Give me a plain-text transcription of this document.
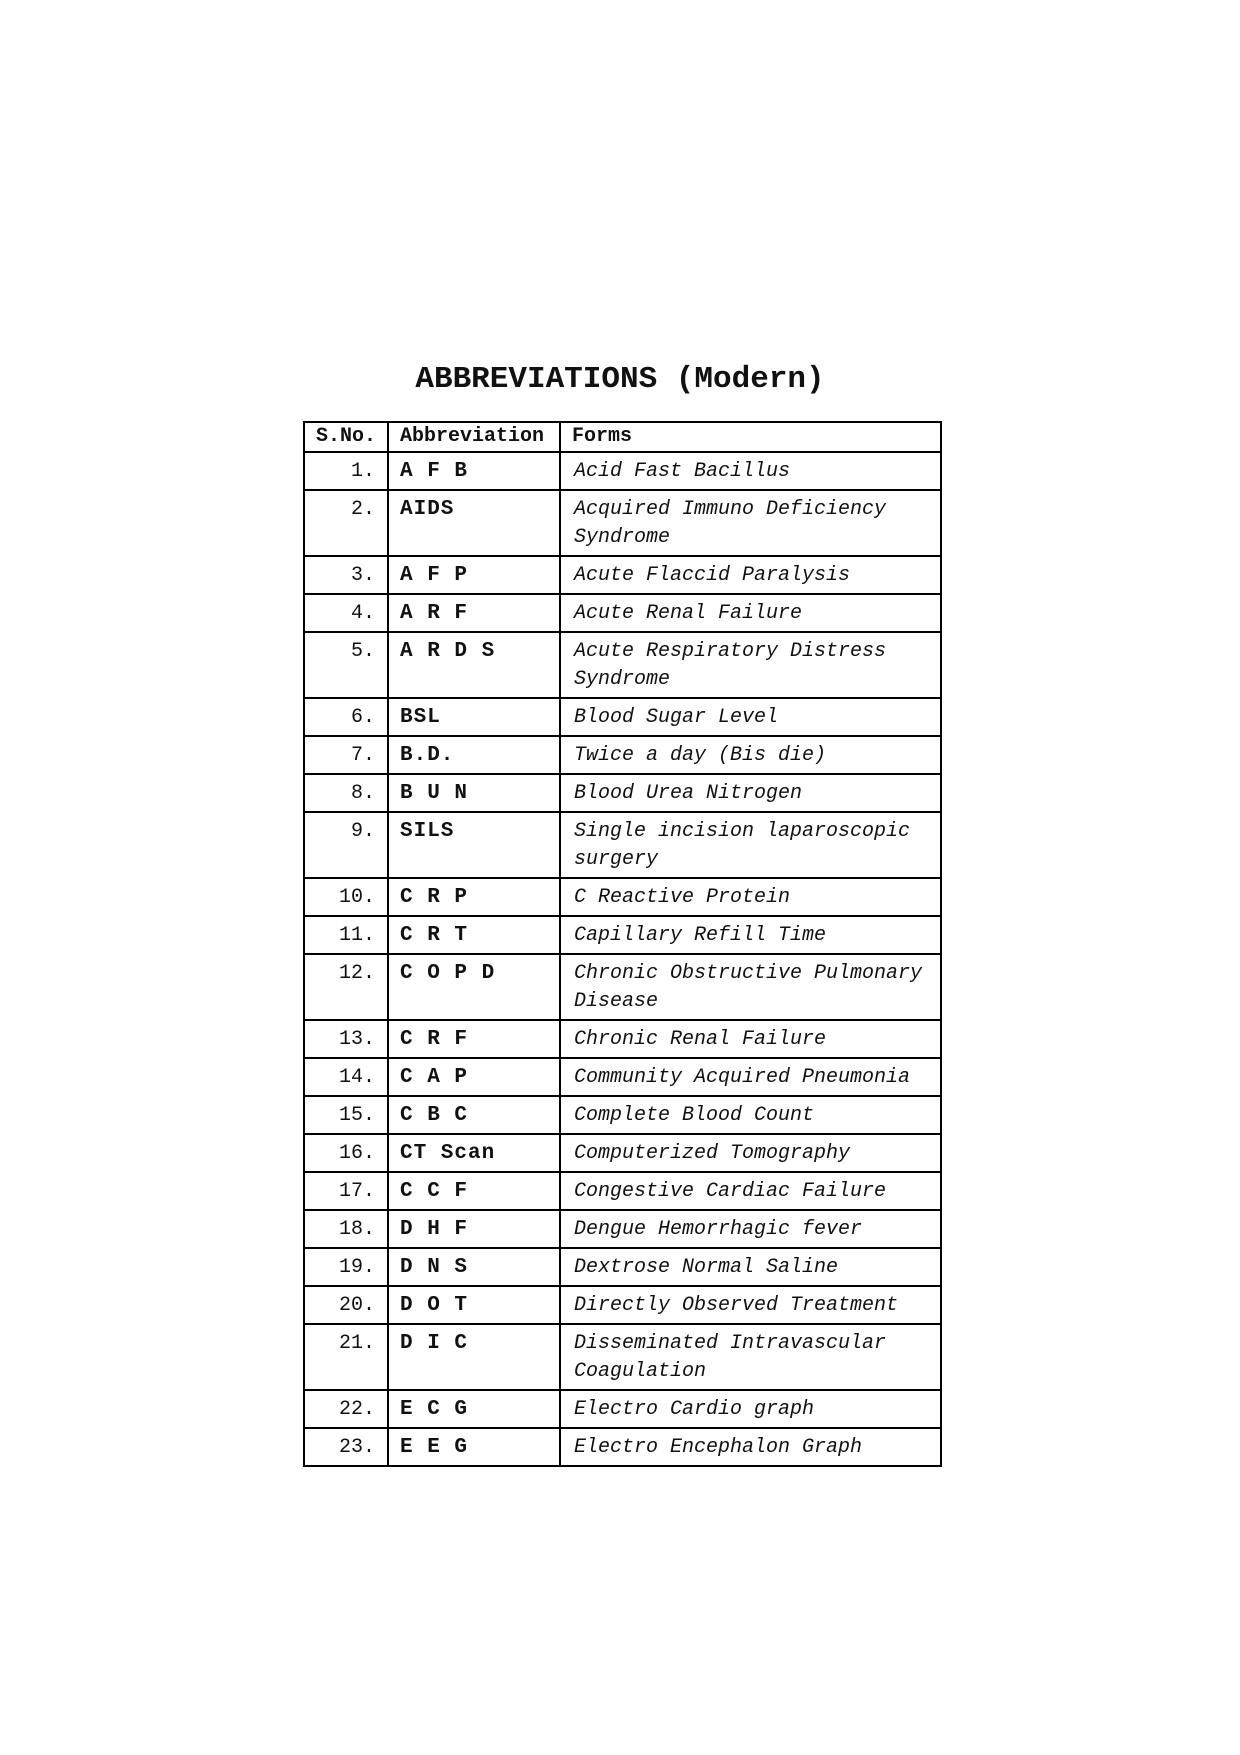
ABBREVIATIONS (Modern)
S.No.	Abbreviation	Forms
1.	A F B	Acid Fast Bacillus
2.	AIDS	Acquired Immuno Deficiency Syndrome
3.	A F P	Acute Flaccid Paralysis
4.	A R F	Acute Renal Failure
5.	A R D S	Acute Respiratory Distress Syndrome
6.	BSL	Blood Sugar Level
7.	B.D.	Twice a day (Bis die)
8.	B U N	Blood Urea Nitrogen
9.	SILS	Single incision laparoscopic surgery
10.	C R P	C Reactive Protein
11.	C R T	Capillary Refill Time
12.	C O P D	Chronic Obstructive Pulmonary Disease
13.	C R F	Chronic Renal Failure
14.	C A P	Community Acquired Pneumonia
15.	C B C	Complete Blood Count
16.	CT Scan	Computerized Tomography
17.	C C F	Congestive Cardiac Failure
18.	D H F	Dengue Hemorrhagic fever
19.	D N S	Dextrose Normal Saline
20.	D O T	Directly Observed Treatment
21.	D I C	Disseminated Intravascular Coagulation
22.	E C G	Electro Cardio graph
23.	E E G	Electro Encephalon Graph
